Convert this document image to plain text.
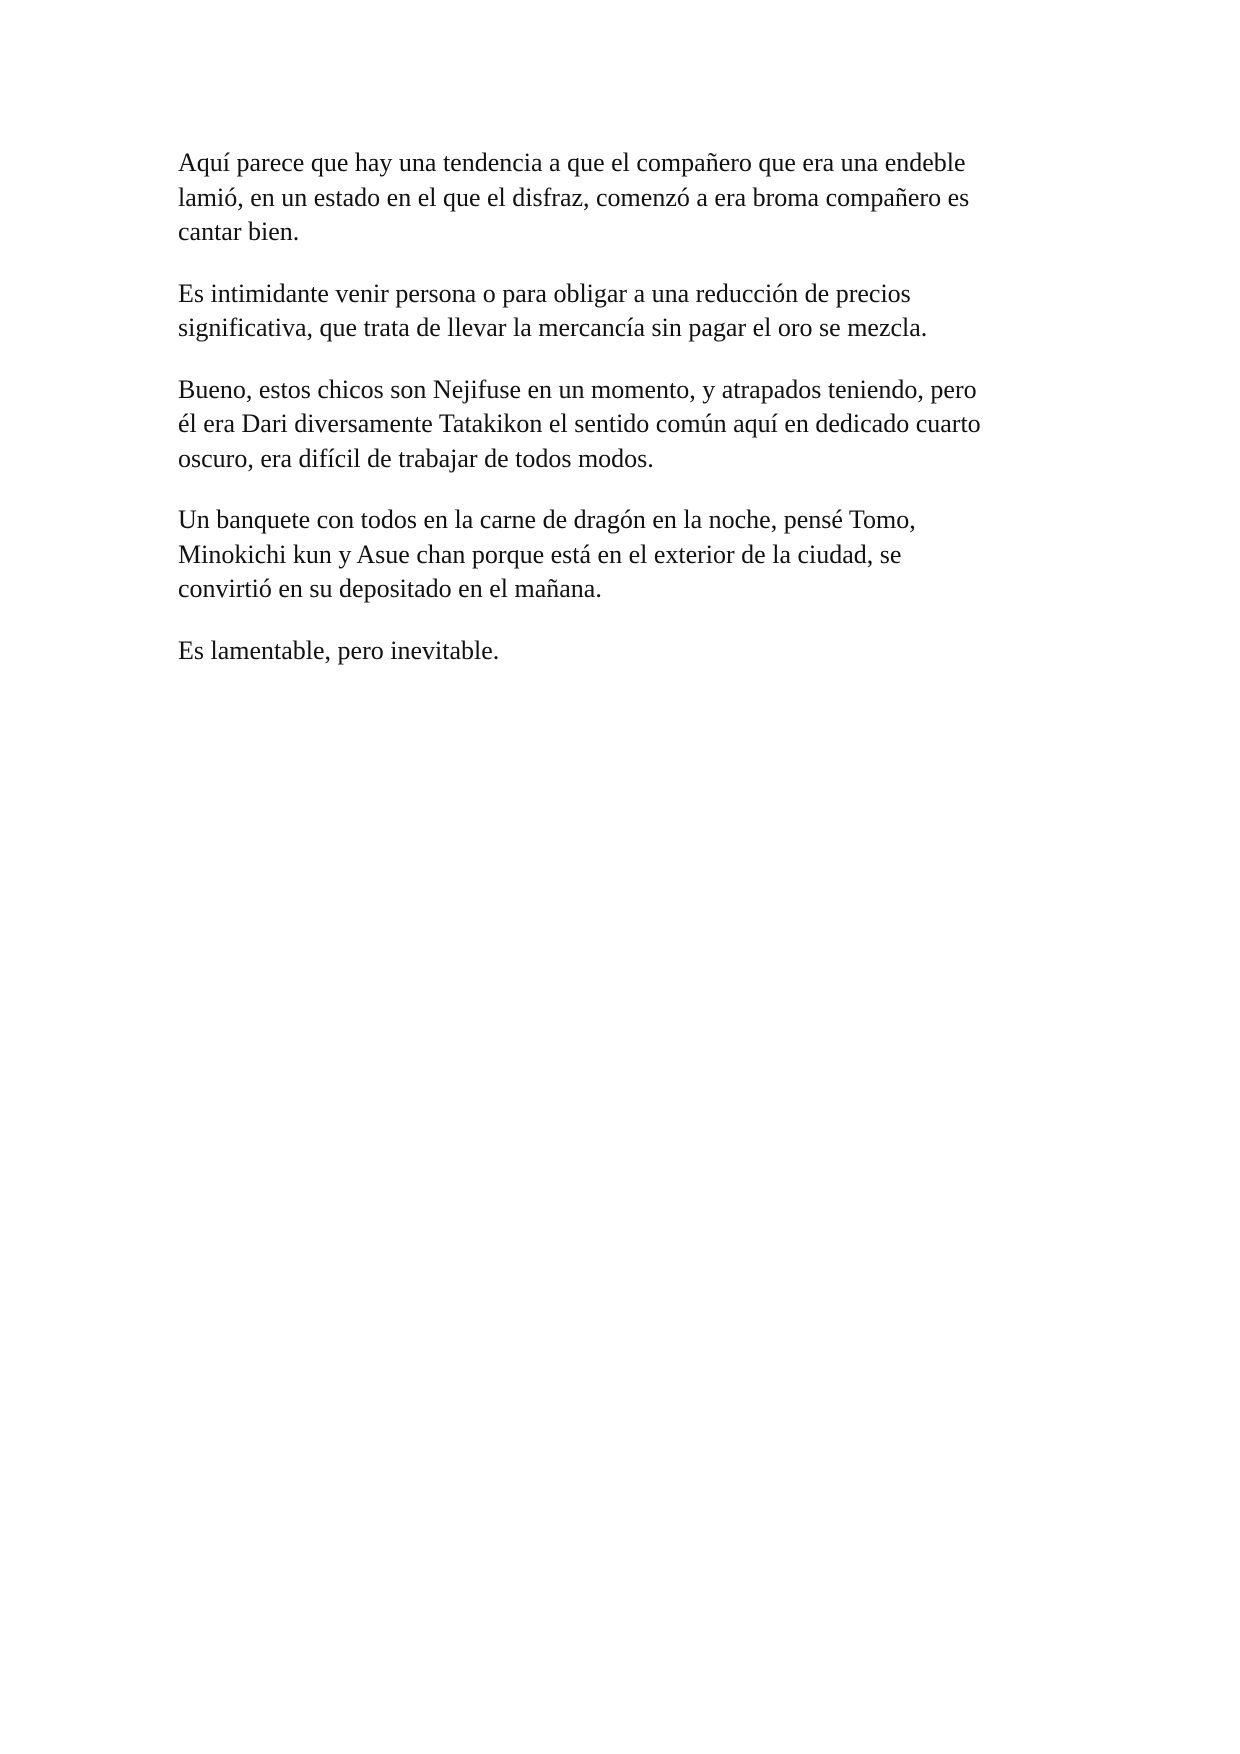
Aquí parece que hay una tendencia a que el compañero que era una endeble
lamió, en un estado en el que el disfraz, comenzó a era broma compañero es
cantar bien.

Es intimidante venir persona o para obligar a una reducción de precios
significativa, que trata de llevar la mercancía sin pagar el oro se mezcla.

Bueno, estos chicos son Nejifuse en un momento, y atrapados teniendo, pero
él era Dari diversamente Tatakikon el sentido común aquí en dedicado cuarto
oscuro, era difícil de trabajar de todos modos.

Un banquete con todos en la carne de dragón en la noche, pensé Tomo,
Minokichi kun y Asue chan porque está en el exterior de la ciudad, se
convirtió en su depositado en el mañana.

Es lamentable, pero inevitable.
